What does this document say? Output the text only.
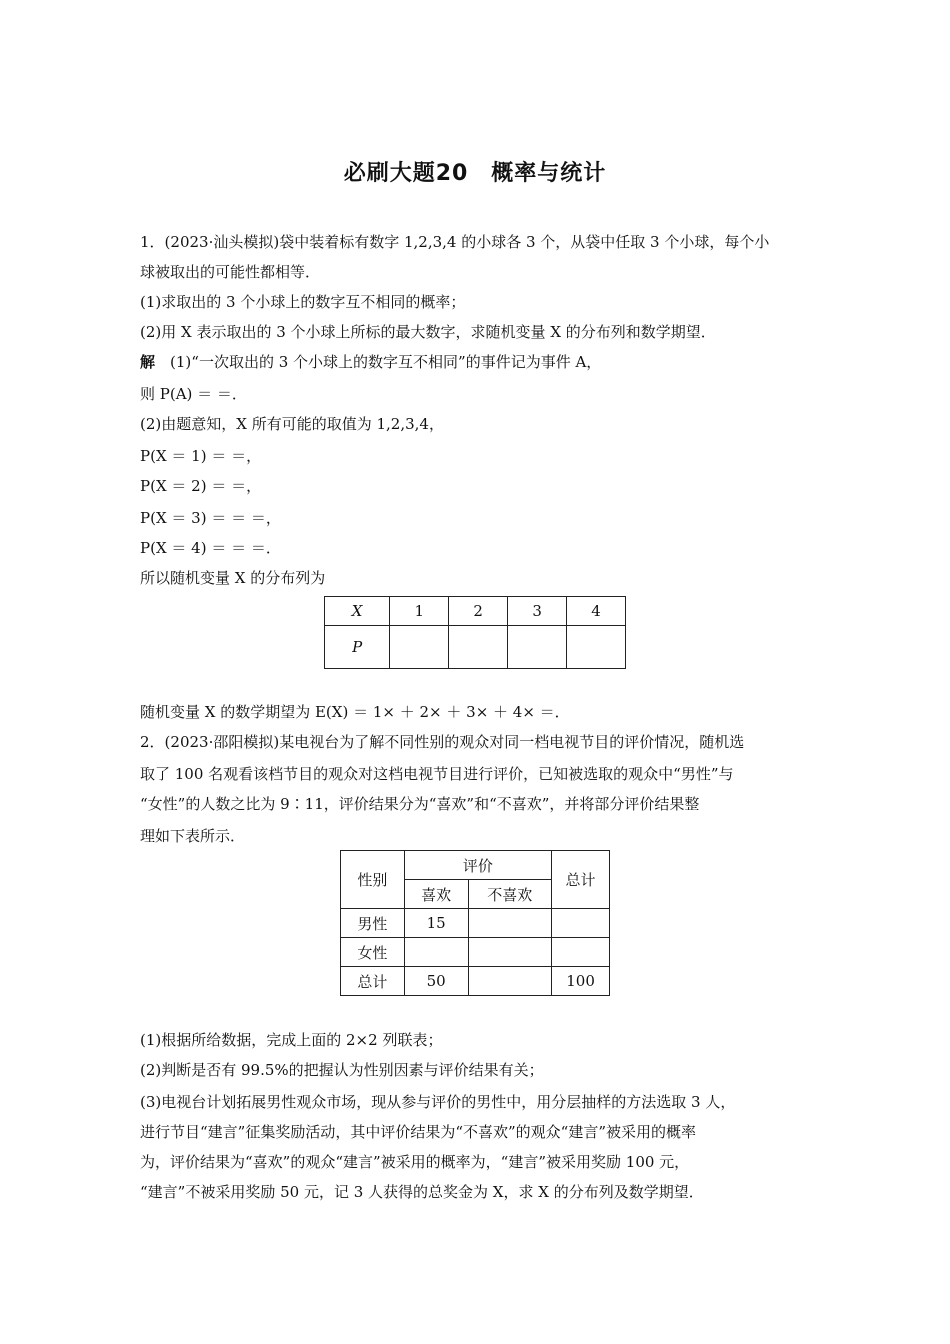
必刷大题20　概率与统计
1．(2023·汕头模拟)袋中装着标有数字 1,2,3,4 的小球各 3 个，从袋中任取 3 个小球，每个小
球被取出的可能性都相等．
(1)求取出的 3 个小球上的数字互不相同的概率；
(2)用 X 表示取出的 3 个小球上所标的最大数字，求随机变量 X 的分布列和数学期望．
解　 (1)“一次取出的 3 个小球上的数字互不相同”的事件记为事件 A，
则 P(A) ＝ ＝．
(2)由题意知，X 所有可能的取值为 1,2,3,4，
P(X ＝ 1) ＝ ＝，
P(X ＝ 2) ＝ ＝，
P(X ＝ 3) ＝ ＝ ＝，
P(X ＝ 4) ＝ ＝ ＝．
所以随机变量 X 的分布列为
X	1	2	3	4
P				
随机变量 X 的数学期望为 E(X) ＝ 1× ＋ 2× ＋ 3× ＋ 4× ＝．
2．(2023·邵阳模拟)某电视台为了解不同性别的观众对同一档电视节目的评价情况，随机选
取了 100 名观看该档节目的观众对这档电视节目进行评价，已知被选取的观众中“男性”与
“女性”的人数之比为 9∶11，评价结果分为“喜欢”和“不喜欢”，并将部分评价结果整
理如下表所示．
性别	评价		总计
	喜欢	不喜欢	
男性	15		
女性			
总计	50		100
(1)根据所给数据，完成上面的 2×2 列联表；
(2)判断是否有 99.5%的把握认为性别因素与评价结果有关；
(3)电视台计划拓展男性观众市场，现从参与评价的男性中，用分层抽样的方法选取 3 人，
进行节目“建言”征集奖励活动，其中评价结果为“不喜欢”的观众“建言”被采用的概率
为，评价结果为“喜欢”的观众“建言”被采用的概率为，“建言”被采用奖励 100 元，
“建言”不被采用奖励 50 元，记 3 人获得的总奖金为 X，求 X 的分布列及数学期望．
